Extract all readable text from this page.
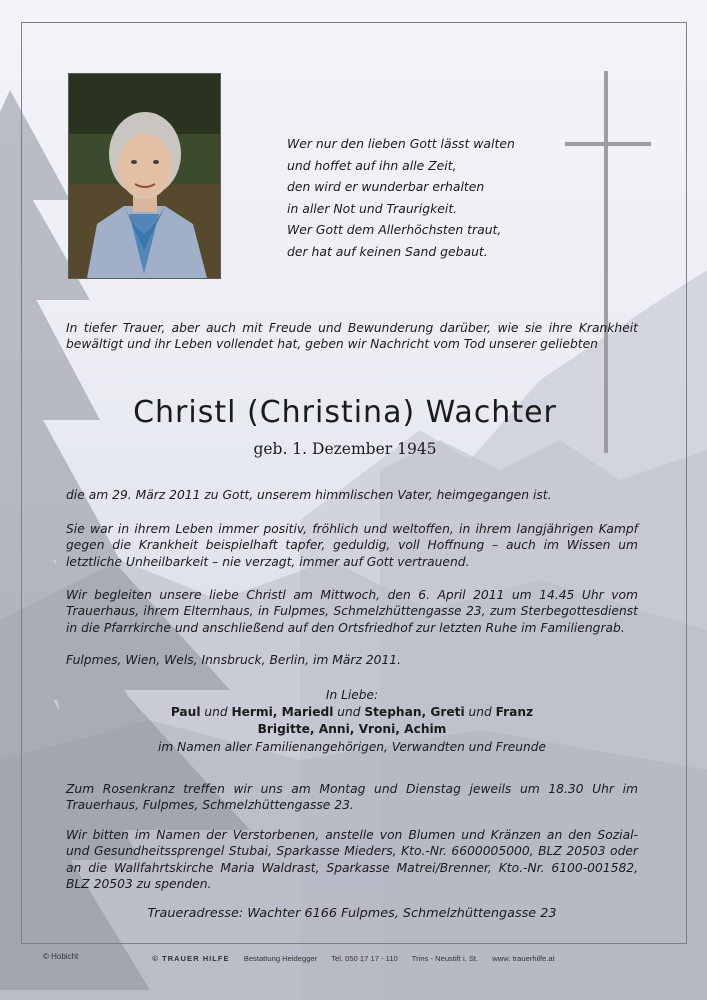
Wer nur den lieben Gott lässt walten
und hoffet auf ihn alle Zeit,
den wird er wunderbar erhalten
in aller Not und Traurigkeit.
Wer Gott dem Allerhöchsten traut,
der hat auf keinen Sand gebaut.
In tiefer Trauer, aber auch mit Freude und Bewunderung darüber, wie sie ihre Krankheit bewältigt und ihr Leben vollendet hat, geben wir Nachricht vom Tod unserer geliebten
Christl (Christina) Wachter
geb. 1. Dezember 1945
die am 29. März 2011 zu Gott, unserem himmlischen Vater, heimgegangen ist.
Sie war in ihrem Leben immer positiv, fröhlich und weltoffen, in ihrem langjährigen Kampf gegen die Krankheit beispielhaft tapfer, geduldig, voll Hoffnung – auch im Wissen um letztliche Unheilbarkeit – nie verzagt, immer auf Gott vertrauend.
Wir begleiten unsere liebe Christl am Mittwoch, den 6. April 2011 um 14.45 Uhr vom Trauerhaus, ihrem Elternhaus, in Fulpmes, Schmelzhüttengasse 23, zum Sterbegottesdienst in die Pfarrkirche und anschließend auf den Ortsfriedhof zur letzten Ruhe im Familiengrab.
Fulpmes, Wien, Wels, Innsbruck, Berlin, im März 2011.
In Liebe:
Paul und Hermi, Mariedl und Stephan, Greti und Franz
Brigitte, Anni, Vroni, Achim
im Namen aller Familienangehörigen, Verwandten und Freunde
Zum Rosenkranz treffen wir uns am Montag und Dienstag jeweils um 18.30 Uhr im Trauerhaus, Fulpmes, Schmelzhüttengasse 23.
Wir bitten im Namen der Verstorbenen, anstelle von Blumen und Kränzen an den Sozial- und Gesundheitssprengel Stubai, Sparkasse Mieders, Kto.-Nr. 6600005000, BLZ 20503 oder an die Wallfahrtskirche Maria Waldrast, Sparkasse Matrei/Brenner, Kto.-Nr. 6100-001582, BLZ 20503 zu spenden.
Traueradresse: Wachter 6166 Fulpmes, Schmelzhüttengasse 23
© Hobicht	© TRAUER HILFE Bestattung Heidegger Tel. 050 17 17 - 110 Trins - Neustift i. St. www. trauerhilfe.at
